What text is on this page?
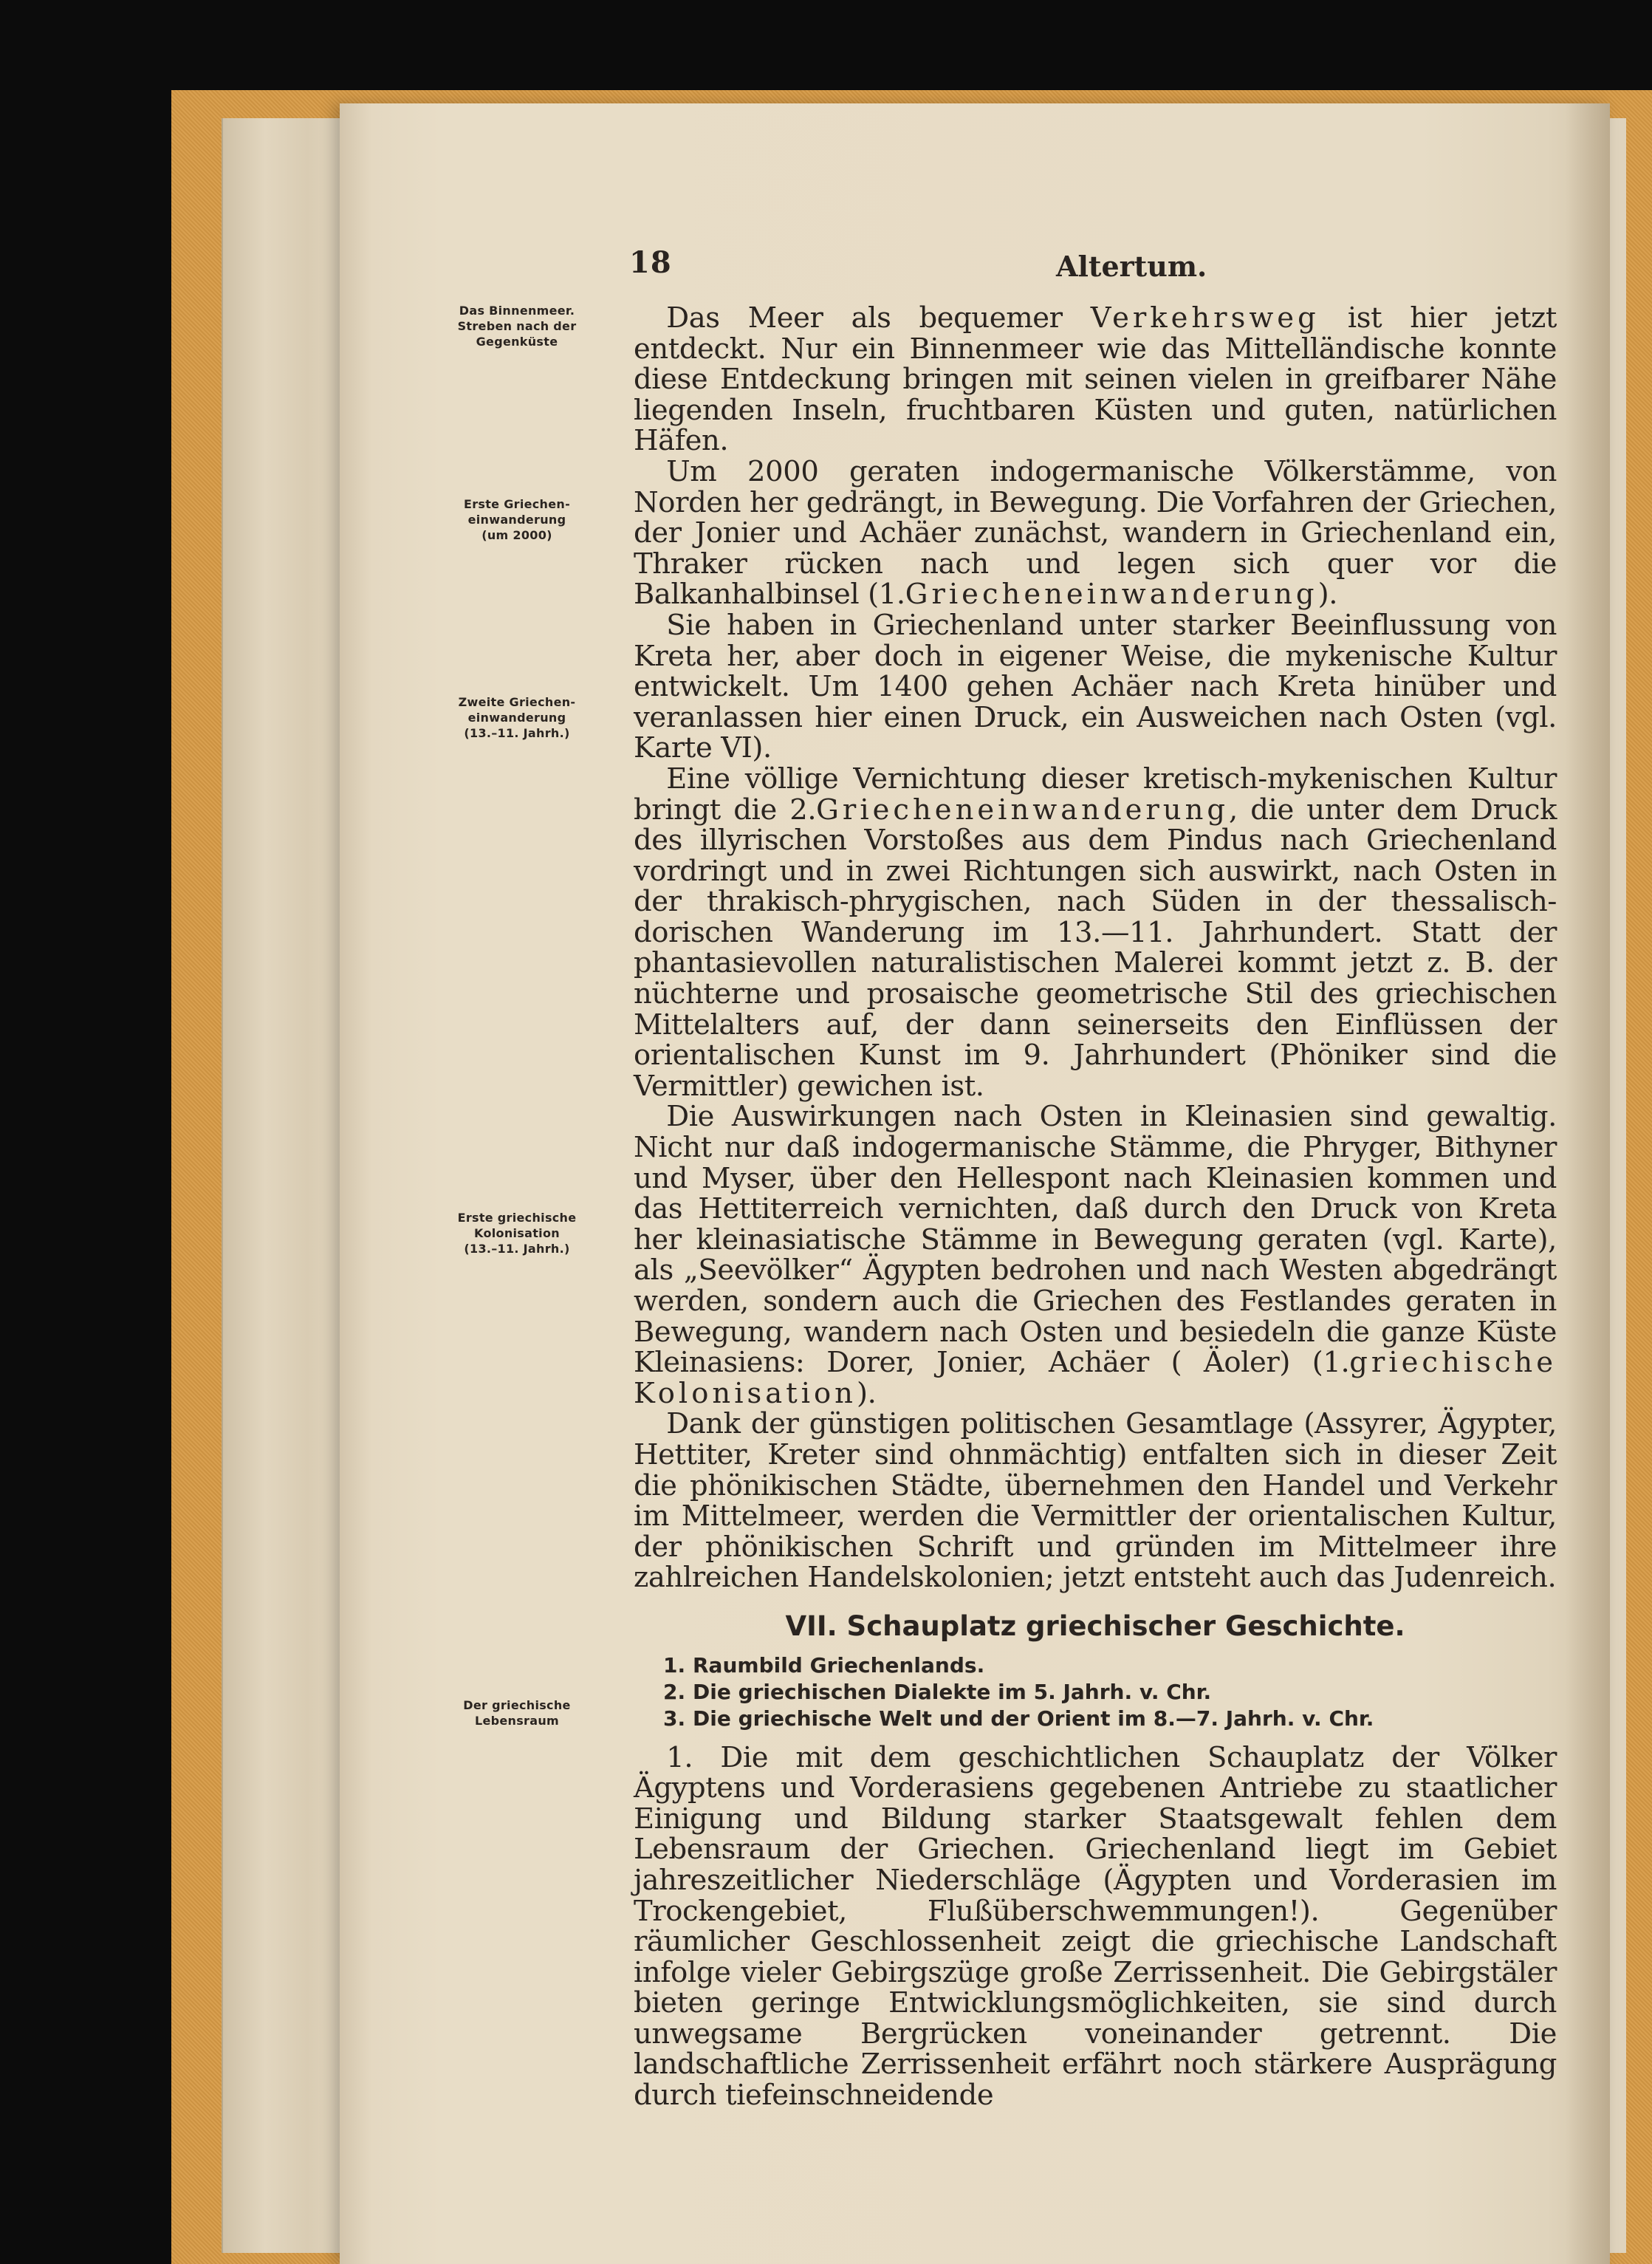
18	Altertum.
Das Binnenmeer.
Streben nach der
Gegenküste
Erste Griechen-
einwanderung
(um 2000)
Zweite Griechen-
einwanderung
(13.–11. Jahrh.)
Erste griechische
Kolonisation
(13.–11. Jahrh.)
Der griechische
Lebensraum

Das Meer als bequemer Verkehrsweg ist hier jetzt entdeckt. Nur ein Binnenmeer wie das Mittelländische konnte diese Entdeckung bringen mit seinen vielen in greifbarer Nähe liegenden Inseln, fruchtbaren Küsten und guten, natürlichen Häfen.

Um 2000 geraten indogermanische Völkerstämme, von Norden her gedrängt, in Bewegung. Die Vorfahren der Griechen, der Jonier und Achäer zunächst, wandern in Griechenland ein, Thraker rücken nach und legen sich quer vor die Balkanhalbinsel (1.Griecheneinwanderung).

Sie haben in Griechenland unter starker Beeinflussung von Kreta her, aber doch in eigener Weise, die mykenische Kultur entwickelt. Um 1400 gehen Achäer nach Kreta hinüber und veranlassen hier einen Druck, ein Ausweichen nach Osten (vgl. Karte VI).

Eine völlige Vernichtung dieser kretisch-mykenischen Kultur bringt die 2.Griecheneinwanderung, die unter dem Druck des illyrischen Vorstoßes aus dem Pindus nach Griechenland vordringt und in zwei Richtungen sich auswirkt, nach Osten in der thrakisch-phrygischen, nach Süden in der thessalisch-dorischen Wanderung im 13.—11. Jahrhundert. Statt der phantasievollen naturalistischen Malerei kommt jetzt z. B. der nüchterne und prosaische geometrische Stil des griechischen Mittelalters auf, der dann seinerseits den Einflüssen der orientalischen Kunst im 9. Jahrhundert (Phöniker sind die Vermittler) gewichen ist.

Die Auswirkungen nach Osten in Kleinasien sind gewaltig. Nicht nur daß indogermanische Stämme, die Phryger, Bithyner und Myser, über den Hellespont nach Kleinasien kommen und das Hettiterreich vernichten, daß durch den Druck von Kreta her kleinasiatische Stämme in Bewegung geraten (vgl. Karte), als „Seevölker“ Ägypten bedrohen und nach Westen abgedrängt werden, sondern auch die Griechen des Festlandes geraten in Bewegung, wandern nach Osten und besiedeln die ganze Küste Kleinasiens: Dorer, Jonier, Achäer ( Äoler) (1.griechische Kolonisation).

Dank der günstigen politischen Gesamtlage (Assyrer, Ägypter, Hettiter, Kreter sind ohnmächtig) entfalten sich in dieser Zeit die phönikischen Städte, übernehmen den Handel und Verkehr im Mittelmeer, werden die Vermittler der orientalischen Kultur, der phönikischen Schrift und gründen im Mittelmeer ihre zahlreichen Handelskolonien; jetzt entsteht auch das Judenreich.

VII. Schauplatz griechischer Geschichte.
1. Raumbild Griechenlands.
2. Die griechischen Dialekte im 5. Jahrh. v. Chr.
3. Die griechische Welt und der Orient im 8.—7. Jahrh. v. Chr.

1. Die mit dem geschichtlichen Schauplatz der Völker Ägyptens und Vorderasiens gegebenen Antriebe zu staatlicher Einigung und Bildung starker Staatsgewalt fehlen dem Lebensraum der Griechen. Griechenland liegt im Gebiet jahreszeitlicher Niederschläge (Ägypten und Vorderasien im Trockengebiet, Flußüberschwemmungen!). Gegenüber räumlicher Geschlossenheit zeigt die griechische Landschaft infolge vieler Gebirgszüge große Zerrissenheit. Die Gebirgstäler bieten geringe Entwicklungsmöglichkeiten, sie sind durch unwegsame Bergrücken voneinander getrennt. Die landschaftliche Zerrissenheit erfährt noch stärkere Ausprägung durch tiefeinschneidende
